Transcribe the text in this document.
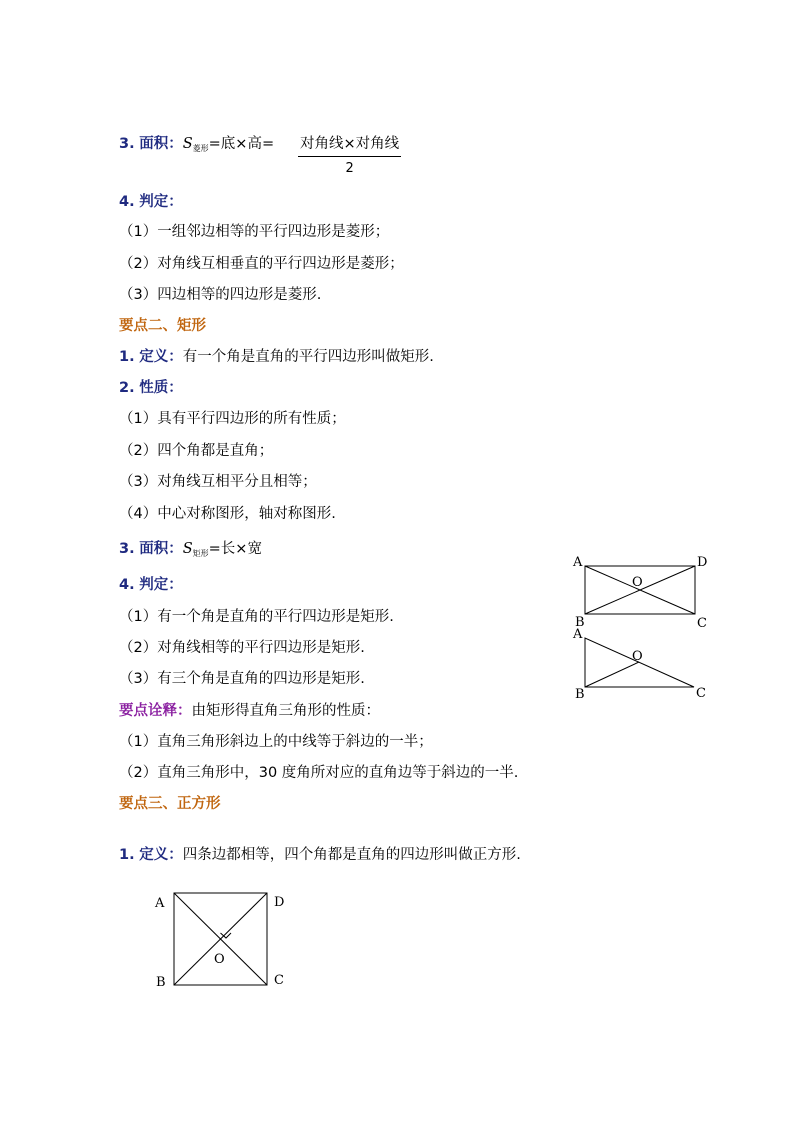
3. 面积：$S_{菱形}=$底×高= $\frac{\text{对角线×对角线}}{2}$
4. 判定：
（1）一组邻边相等的平行四边形是菱形；
（2）对角线互相垂直的平行四边形是菱形；
（3）四边相等的四边形是菱形.
要点二、矩形
1. 定义：有一个角是直角的平行四边形叫做矩形.
2. 性质：
（1）具有平行四边形的所有性质；
（2）四个角都是直角；
（3）对角线互相平分且相等；
（4）中心对称图形，轴对称图形.
3. 面积：$S_{矩形}=$长×宽
4. 判定：
（1）有一个角是直角的平行四边形是矩形.
（2）对角线相等的平行四边形是矩形.
（3）有三个角是直角的四边形是矩形.
要点诠释：由矩形得直角三角形的性质：
（1）直角三角形斜边上的中线等于斜边的一半；
（2）直角三角形中，30 度角所对应的直角边等于斜边的一半.
要点三、正方形
1. 定义：四条边都相等，四个角都是直角的四边形叫做正方形.
A	D
B	C
O
A
B	C
O
A	D
B	C
O
